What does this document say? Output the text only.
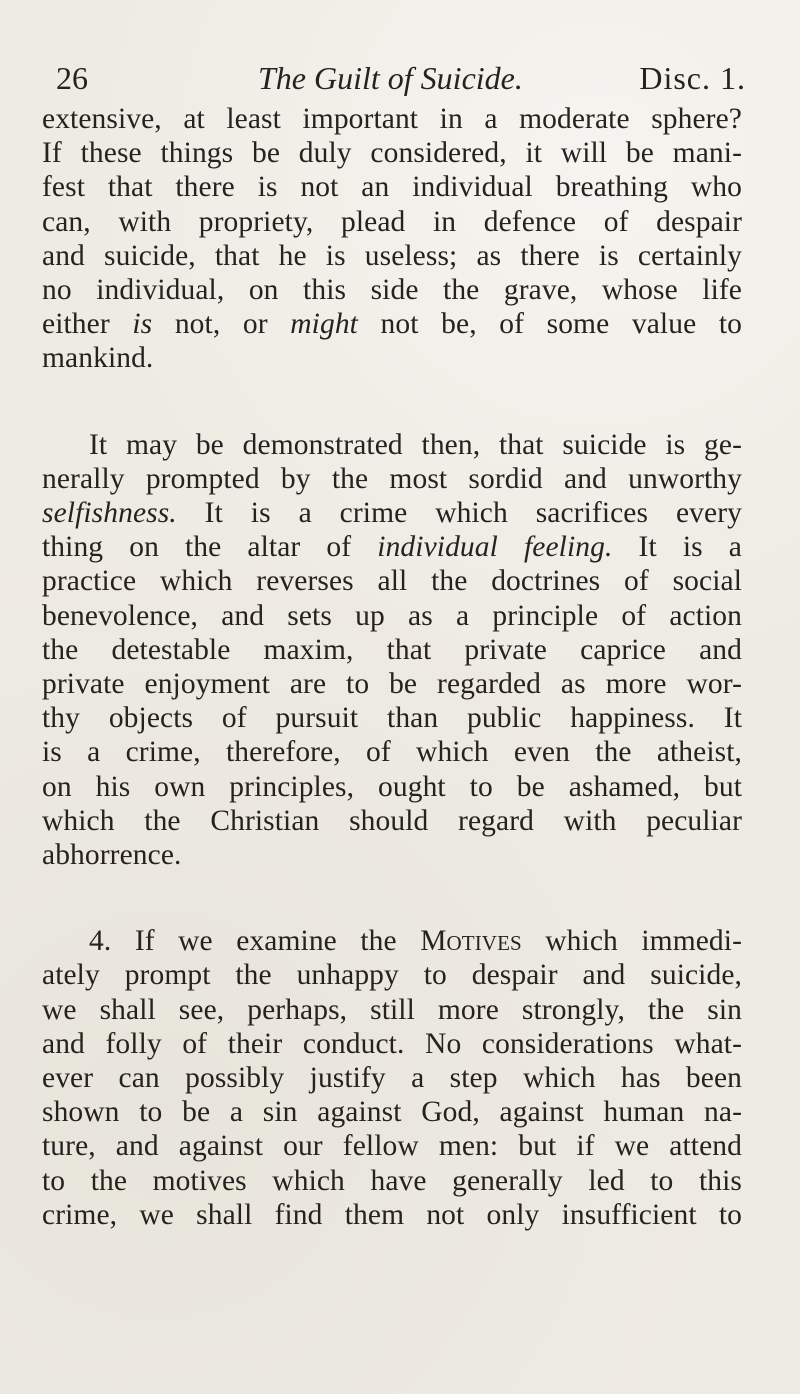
26	The Guilt of Suicide.	Disc. 1.
extensive, at least important in a moderate sphere?
If these things be duly considered, it will be mani-
fest that there is not an individual breathing who
can, with propriety, plead in defence of despair
and suicide, that he is useless; as there is certainly
no individual, on this side the grave, whose life
either is not, or might not be, of some value to
mankind.
It may be demonstrated then, that suicide is ge-
nerally prompted by the most sordid and unworthy
selfishness. It is a crime which sacrifices every
thing on the altar of individual feeling. It is a
practice which reverses all the doctrines of social
benevolence, and sets up as a principle of action
the detestable maxim, that private caprice and
private enjoyment are to be regarded as more wor-
thy objects of pursuit than public happiness. It
is a crime, therefore, of which even the atheist,
on his own principles, ought to be ashamed, but
which the Christian should regard with peculiar
abhorrence.
4. If we examine the Motives which immedi-
ately prompt the unhappy to despair and suicide,
we shall see, perhaps, still more strongly, the sin
and folly of their conduct. No considerations what-
ever can possibly justify a step which has been
shown to be a sin against God, against human na-
ture, and against our fellow men: but if we attend
to the motives which have generally led to this
crime, we shall find them not only insufficient to
